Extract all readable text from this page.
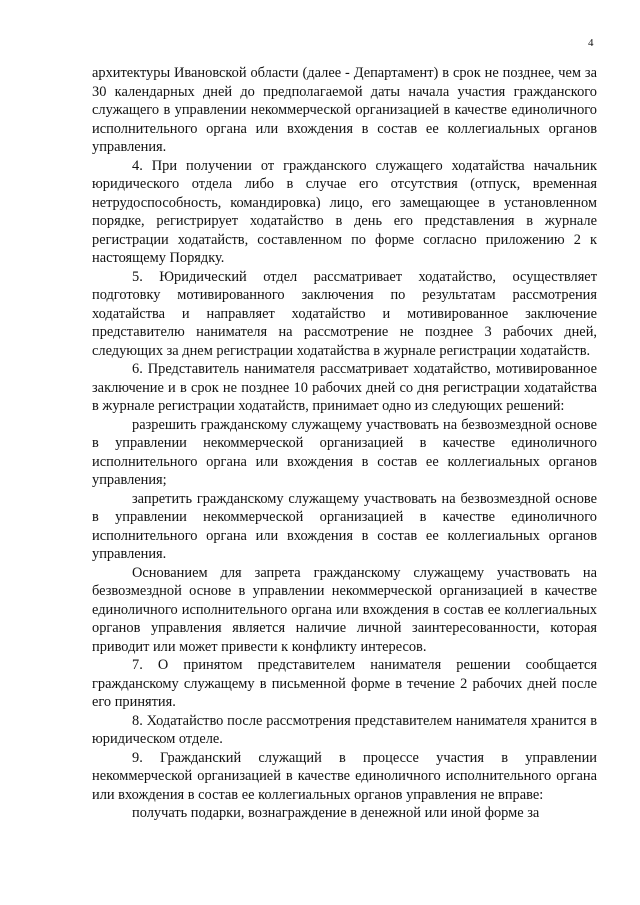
4

архитектуры Ивановской области (далее - Департамент) в срок не позднее, чем за 30 календарных дней до предполагаемой даты начала участия гражданского служащего в управлении некоммерческой организацией в качестве единоличного исполнительного органа или вхождения в состав ее коллегиальных органов управления.

4. При получении от гражданского служащего ходатайства начальник юридического отдела либо в случае его отсутствия (отпуск, временная нетрудоспособность, командировка) лицо, его замещающее в установленном порядке, регистрирует ходатайство в день его представления в журнале регистрации ходатайств, составленном по форме согласно приложению 2 к настоящему Порядку.

5. Юридический отдел рассматривает ходатайство, осуществляет подготовку мотивированного заключения по результатам рассмотрения ходатайства и направляет ходатайство и мотивированное заключение представителю нанимателя на рассмотрение не позднее 3 рабочих дней, следующих за днем регистрации ходатайства в журнале регистрации ходатайств.

6. Представитель нанимателя рассматривает ходатайство, мотивированное заключение и в срок не позднее 10 рабочих дней со дня регистрации ходатайства в журнале регистрации ходатайств, принимает одно из следующих решений:

разрешить гражданскому служащему участвовать на безвозмездной основе в управлении некоммерческой организацией в качестве единоличного исполнительного органа или вхождения в состав ее коллегиальных органов управления;

запретить гражданскому служащему участвовать на безвозмездной основе в управлении некоммерческой организацией в качестве единоличного исполнительного органа или вхождения в состав ее коллегиальных органов управления.

Основанием для запрета гражданскому служащему участвовать на безвозмездной основе в управлении некоммерческой организацией в качестве единоличного исполнительного органа или вхождения в состав ее коллегиальных органов управления является наличие личной заинтересованности, которая приводит или может привести к конфликту интересов.

7. О принятом представителем нанимателя решении сообщается гражданскому служащему в письменной форме в течение 2 рабочих дней после его принятия.

8. Ходатайство после рассмотрения представителем нанимателя хранится в юридическом отделе.

9. Гражданский служащий в процессе участия в управлении некоммерческой организацией в качестве единоличного исполнительного органа или вхождения в состав ее коллегиальных органов управления не вправе:

получать подарки, вознаграждение в денежной или иной форме за
